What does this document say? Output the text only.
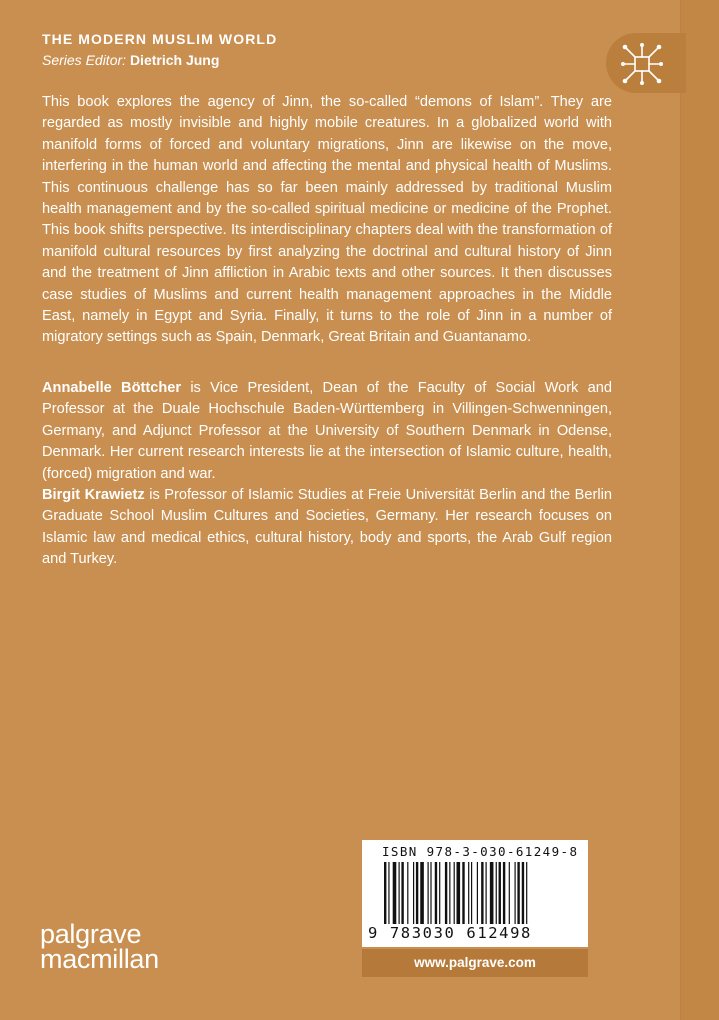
THE MODERN MUSLIM WORLD
Series Editor: Dietrich Jung

This book explores the agency of Jinn, the so-called “demons of Islam”. They are regarded as mostly invisible and highly mobile creatures. In a globalized world with manifold forms of forced and voluntary migrations, Jinn are likewise on the move, interfering in the human world and affecting the mental and physical health of Muslims. This continuous challenge has so far been mainly addressed by traditional Muslim health management and by the so-called spiritual medicine or medicine of the Prophet. This book shifts perspective. Its interdisciplinary chapters deal with the transformation of manifold cultural resources by first analyzing the doctrinal and cultural history of Jinn and the treatment of Jinn affliction in Arabic texts and other sources. It then discusses case studies of Muslims and current health management approaches in the Middle East, namely in Egypt and Syria. Finally, it turns to the role of Jinn in a number of migratory settings such as Spain, Denmark, Great Britain and Guantanamo.

Annabelle Böttcher is Vice President, Dean of the Faculty of Social Work and Professor at the Duale Hochschule Baden-Württemberg in Villingen-Schwenningen, Germany, and Adjunct Professor at the University of Southern Denmark in Odense, Denmark. Her current research interests lie at the intersection of Islamic culture, health, (forced) migration and war.

Birgit Krawietz is Professor of Islamic Studies at Freie Universität Berlin and the Berlin Graduate School Muslim Cultures and Societies, Germany. Her research focuses on Islamic law and medical ethics, cultural history, body and sports, the Arab Gulf region and Turkey.

ISBN 978-3-030-61249-8
9 783030 612498
www.palgrave.com
palgrave
macmillan
